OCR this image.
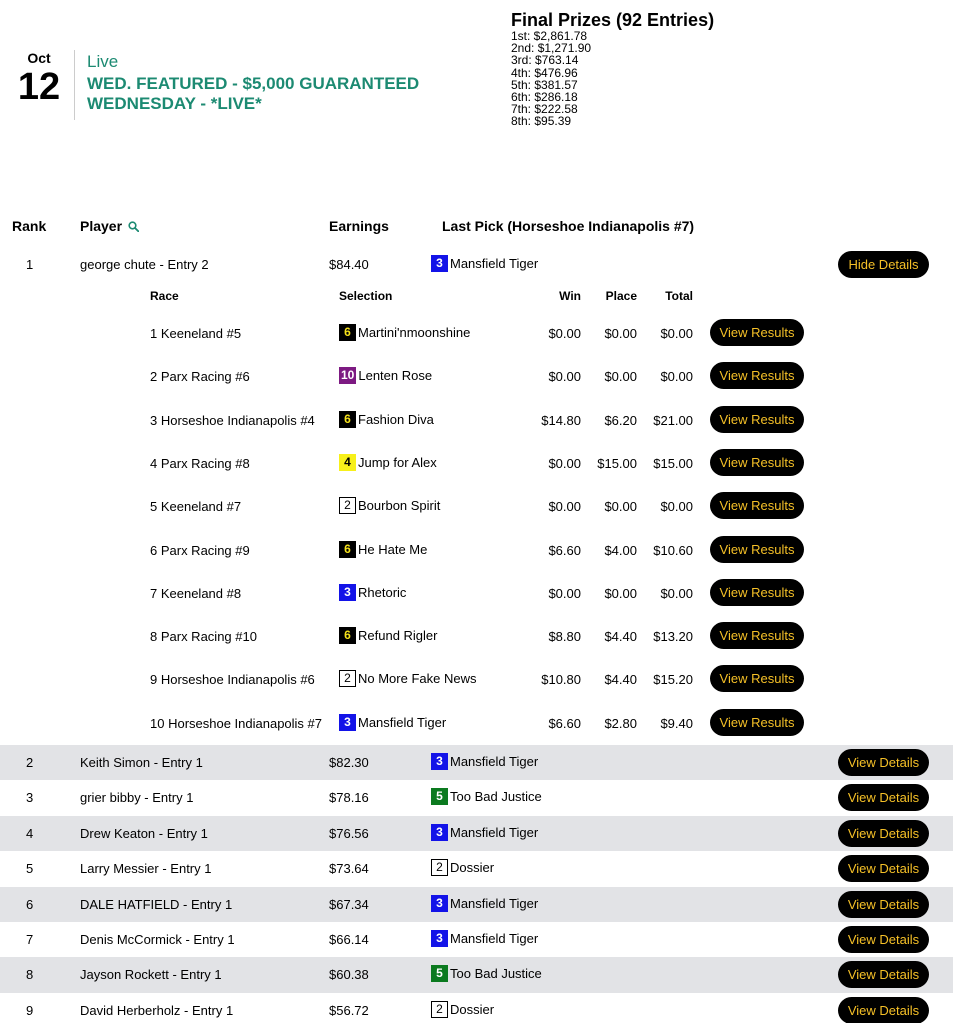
Oct
12
Live
WED. FEATURED - $5,000 GUARANTEED
WEDNESDAY - *LIVE*
Final Prizes (92 Entries)
1st: $2,861.78
2nd: $1,271.90
3rd: $763.14
4th: $476.96
5th: $381.57
6th: $286.18
7th: $222.58
8th: $95.39
Rank Player	Earnings	Last Pick (Horseshoe Indianapolis #7)
1	george chute - Entry 2	$84.40	3 Mansfield Tiger	Hide Details
Race	Selection	Win	Place	Total
1 Keeneland #5	6 Martini'nmoonshine	$0.00	$0.00	$0.00	View Results
2 Parx Racing #6	10 Lenten Rose	$0.00	$0.00	$0.00	View Results
3 Horseshoe Indianapolis #4	6 Fashion Diva	$14.80	$6.20	$21.00	View Results
4 Parx Racing #8	4 Jump for Alex	$0.00	$15.00	$15.00	View Results
5 Keeneland #7	2 Bourbon Spirit	$0.00	$0.00	$0.00	View Results
6 Parx Racing #9	6 He Hate Me	$6.60	$4.00	$10.60	View Results
7 Keeneland #8	3 Rhetoric	$0.00	$0.00	$0.00	View Results
8 Parx Racing #10	6 Refund Rigler	$8.80	$4.40	$13.20	View Results
9 Horseshoe Indianapolis #6	2 No More Fake News	$10.80	$4.40	$15.20	View Results
10 Horseshoe Indianapolis #7	3 Mansfield Tiger	$6.60	$2.80	$9.40	View Results
2	Keith Simon - Entry 1	$82.30	3 Mansfield Tiger	View Details
3	grier bibby - Entry 1	$78.16	5 Too Bad Justice	View Details
4	Drew Keaton - Entry 1	$76.56	3 Mansfield Tiger	View Details
5	Larry Messier - Entry 1	$73.64	2 Dossier	View Details
6	DALE HATFIELD - Entry 1	$67.34	3 Mansfield Tiger	View Details
7	Denis McCormick - Entry 1	$66.14	3 Mansfield Tiger	View Details
8	Jayson Rockett - Entry 1	$60.38	5 Too Bad Justice	View Details
9	David Herberholz - Entry 1	$56.72	2 Dossier	View Details
